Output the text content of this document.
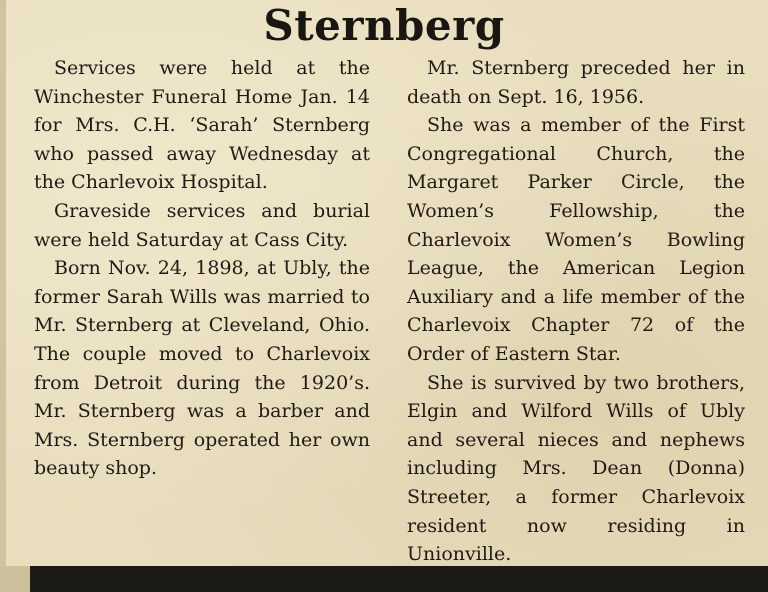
Sternberg

Services were held at the Winchester Funeral Home Jan. 14 for Mrs. C.H. ‘Sarah’ Sternberg who passed away Wednesday at the Charlevoix Hospital.

Graveside services and burial were held Saturday at Cass City.

Born Nov. 24, 1898, at Ubly, the former Sarah Wills was married to Mr. Sternberg at Cleveland, Ohio. The couple moved to Charlevoix from Detroit during the 1920’s. Mr. Sternberg was a barber and Mrs. Sternberg operated her own beauty shop.

Mr. Sternberg preceded her in death on Sept. 16, 1956.

She was a member of the First Congregational Church, the Margaret Parker Circle, the Women’s Fellowship, the Charlevoix Women’s Bowling League, the American Legion Auxiliary and a life member of the Charlevoix Chapter 72 of the Order of Eastern Star.

She is survived by two brothers, Elgin and Wilford Wills of Ubly and several nieces and nephews including Mrs. Dean (Donna) Streeter, a former Charlevoix resident now residing in Unionville.
